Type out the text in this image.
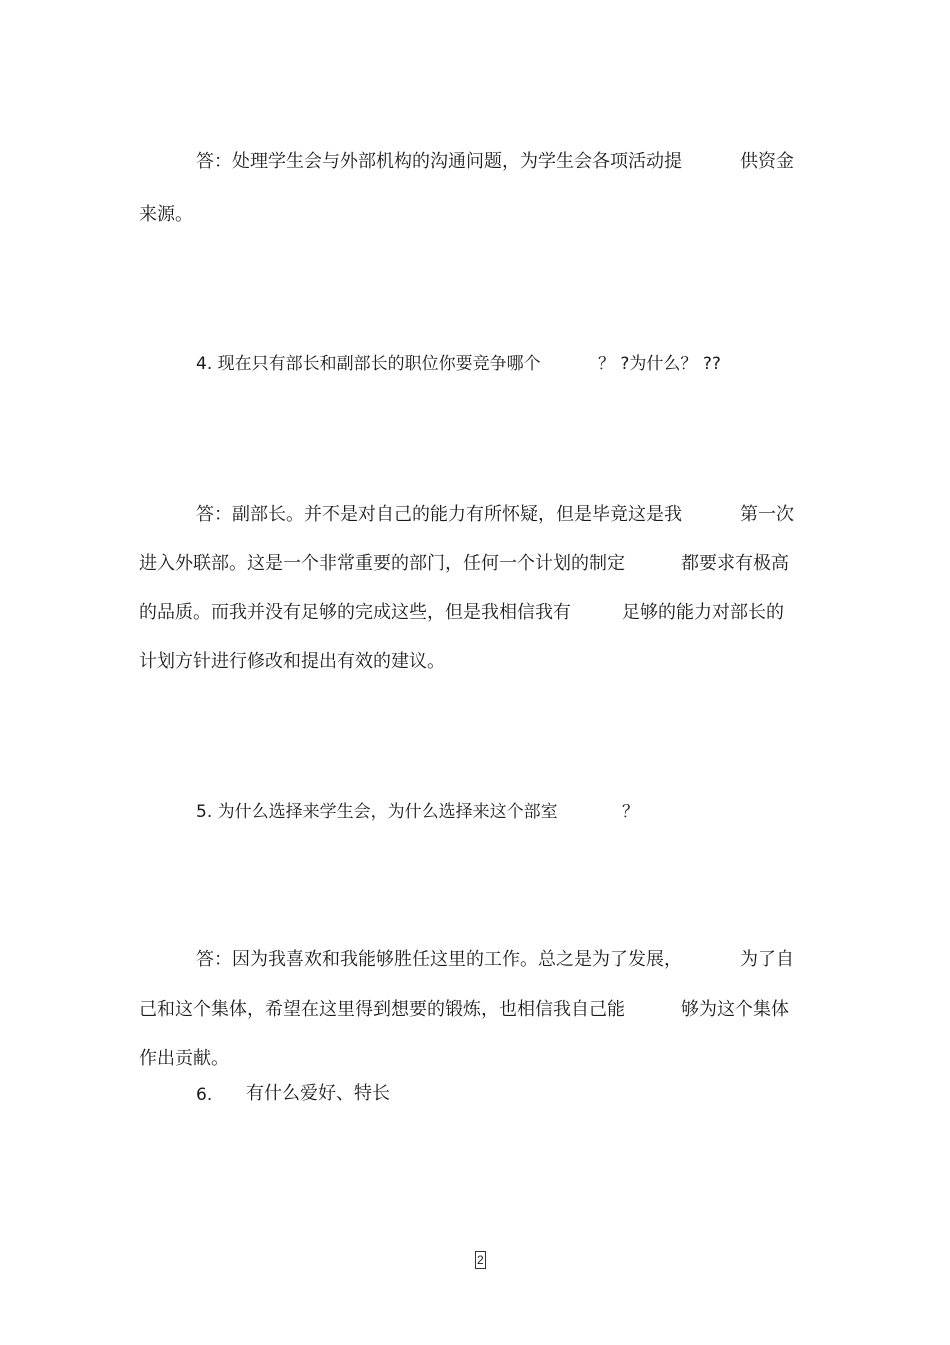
答：处理学生会与外部机构的沟通问题，为学生会各项活动提	供资金
来源。
4. 现在只有部长和副部长的职位你要竞争哪个	？ ?为什么？ ??
答：副部长。并不是对自己的能力有所怀疑，但是毕竟这是我	第一次
进入外联部。这是一个非常重要的部门，任何一个计划的制定	都要求有极高
的品质。而我并没有足够的完成这些，但是我相信我有	足够的能力对部长的
计划方针进行修改和提出有效的建议。
5. 为什么选择来学生会，为什么选择来这个部室	？
答：因为我喜欢和我能够胜任这里的工作。总之是为了发展，	为了自
己和这个集体，希望在这里得到想要的锻炼，也相信我自己能	够为这个集体
作出贡献。
6. 有什么爱好、特长
2
